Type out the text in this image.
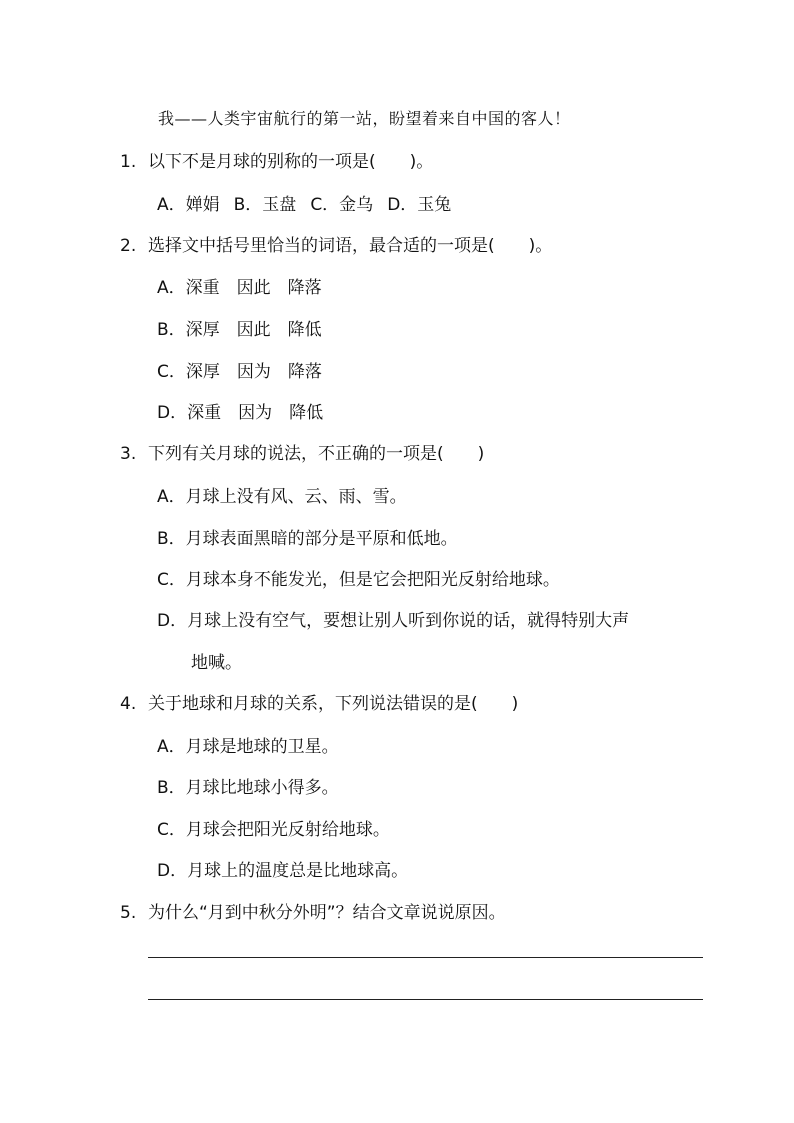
我——人类宇宙航行的第一站，盼望着来自中国的客人！
1. 以下不是月球的别称的一项是(　　)。
A．婵娟 B．玉盘 C．金乌 D．玉兔
2. 选择文中括号里恰当的词语，最合适的一项是(　　)。
A．深重　因此　降落
B．深厚　因此　降低
C．深厚　因为　降落
D．深重　因为　降低
3. 下列有关月球的说法，不正确的一项是(　　)
A．月球上没有风、云、雨、雪。
B．月球表面黑暗的部分是平原和低地。
C．月球本身不能发光，但是它会把阳光反射给地球。
D．月球上没有空气，要想让别人听到你说的话，就得特别大声
地喊。
4. 关于地球和月球的关系，下列说法错误的是(　　)
A．月球是地球的卫星。
B．月球比地球小得多。
C．月球会把阳光反射给地球。
D．月球上的温度总是比地球高。
5. 为什么“月到中秋分外明”？结合文章说说原因。
